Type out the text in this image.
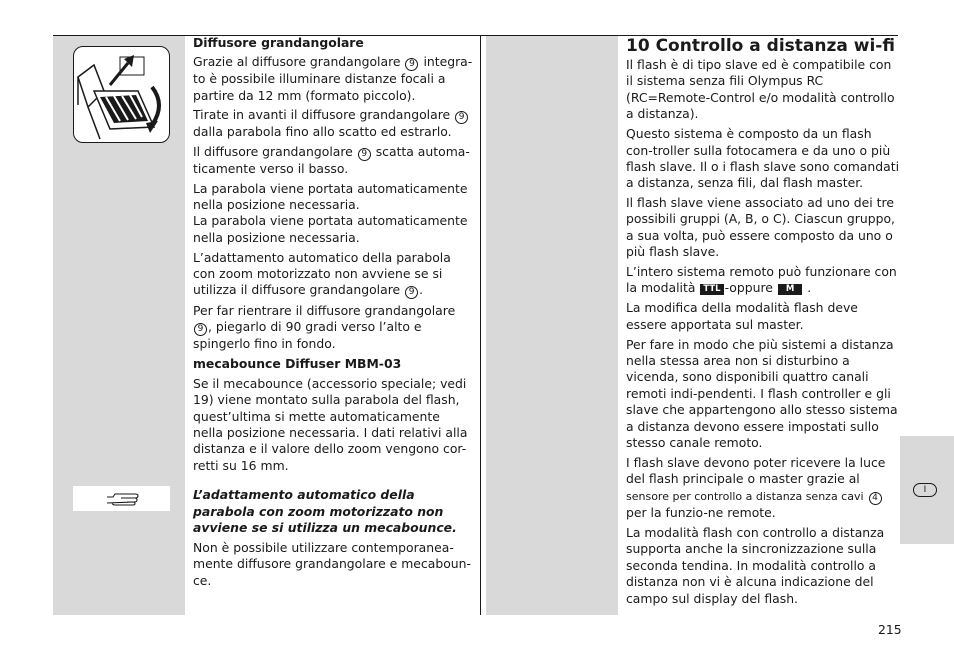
Diffusore grandangolare

Grazie al diffusore grandangolare 9 integra-to è possibile illuminare distanze focali a partire da 12 mm (formato piccolo).

Tirate in avanti il diffusore grandangolare 9 dalla parabola fino allo scatto ed estrarlo.

Il diffusore grandangolare 9 scatta automa-ticamente verso il basso.

La parabola viene portata automaticamente nella posizione necessaria.

La parabola viene portata automaticamente nella posizione necessaria.

L’adattamento automatico della parabola con zoom motorizzato non avviene se si utilizza il diffusore grandangolare 9 .

Per far rientrare il diffusore grandangolare 9 , piegarlo di 90 gradi verso l’alto e spingerlo fino in fondo.

mecabounce Diffuser MBM-03

Se il mecabounce (accessorio speciale; vedi 19) viene montato sulla parabola del flash, quest’ultima si mette automaticamente nella posizione necessaria. I dati relativi alla distanza e il valore dello zoom vengono cor-retti su 16 mm.

L’adattamento automatico della parabola con zoom motorizzato non avviene se si utilizza un mecabounce.

Non è possibile utilizzare contemporanea-mente diffusore grandangolare e mecaboun-ce.

10 Controllo a distanza wi-fi

Il flash è di tipo slave ed è compatibile con il sistema senza fili Olympus RC (RC=Remote-Control e/o modalità controllo a distanza).

Questo sistema è composto da un flash con-troller sulla fotocamera e da uno o più flash slave. Il o i flash slave sono comandati a distanza, senza fili, dal flash master.

Il flash slave viene associato ad uno dei tre possibili gruppi (A, B, o C). Ciascun gruppo, a sua volta, può essere composto da uno o più flash slave.

L’intero sistema remoto può funzionare con la modalità TTL -oppure M .

La modifica della modalità flash deve essere apportata sul master.

Per fare in modo che più sistemi a distanza nella stessa area non si disturbino a vicenda, sono disponibili quattro canali remoti indi-pendenti. I flash controller e gli slave che appartengono allo stesso sistema a distanza devono essere impostati sullo stesso canale remoto.

I flash slave devono poter ricevere la luce del flash principale o master grazie al sensore per controllo a distanza senza cavi 4 per la funzio-ne remote.

La modalità flash con controllo a distanza supporta anche la sincronizzazione sulla seconda tendina. In modalità controllo a distanza non vi è alcuna indicazione del campo sul display del flash.

I
215
